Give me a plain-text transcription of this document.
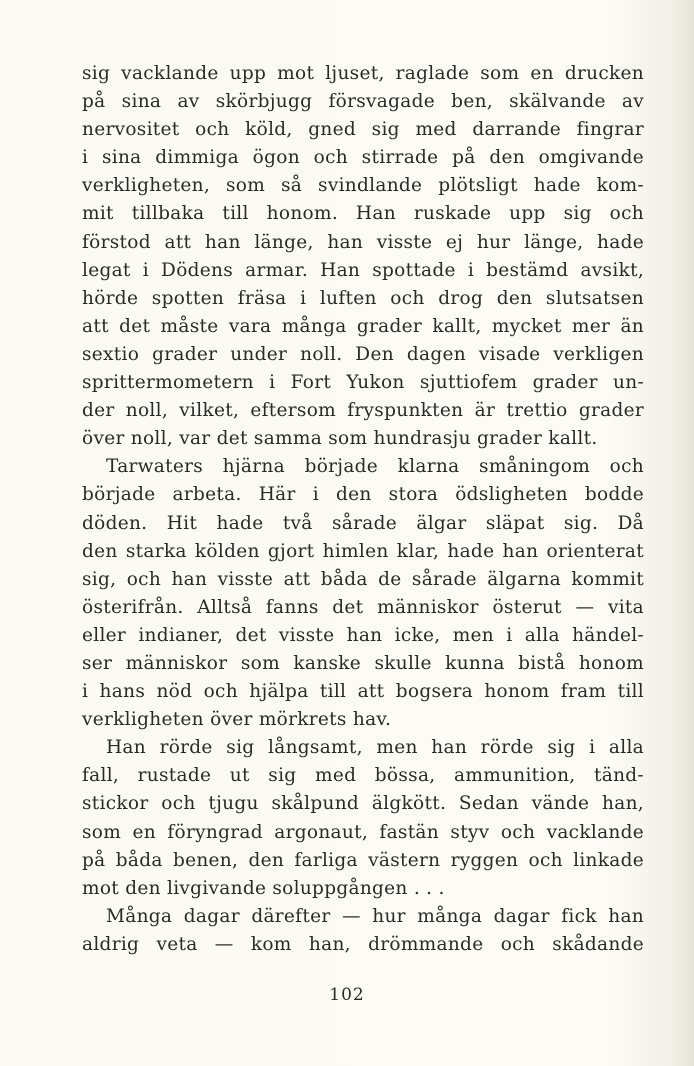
sig vacklande upp mot ljuset, raglade som en drucken
på sina av skörbjugg försvagade ben, skälvande av
nervositet och köld, gned sig med darrande fingrar
i sina dimmiga ögon och stirrade på den omgivande
verkligheten, som så svindlande plötsligt hade kom-
mit tillbaka till honom. Han ruskade upp sig och
förstod att han länge, han visste ej hur länge, hade
legat i Dödens armar. Han spottade i bestämd avsikt,
hörde spotten fräsa i luften och drog den slutsatsen
att det måste vara många grader kallt, mycket mer än
sextio grader under noll. Den dagen visade verkligen
sprittermometern i Fort Yukon sjuttiofem grader un-
der noll, vilket, eftersom fryspunkten är trettio grader
över noll, var det samma som hundrasju grader kallt.
Tarwaters hjärna började klarna småningom och
började arbeta. Här i den stora ödsligheten bodde
döden. Hit hade två sårade älgar släpat sig. Då
den starka kölden gjort himlen klar, hade han orienterat
sig, och han visste att båda de sårade älgarna kommit
österifrån. Alltså fanns det människor österut — vita
eller indianer, det visste han icke, men i alla händel-
ser människor som kanske skulle kunna bistå honom
i hans nöd och hjälpa till att bogsera honom fram till
verkligheten över mörkrets hav.
Han rörde sig långsamt, men han rörde sig i alla
fall, rustade ut sig med bössa, ammunition, tänd-
stickor och tjugu skålpund älgkött. Sedan vände han,
som en föryngrad argonaut, fastän styv och vacklande
på båda benen, den farliga västern ryggen och linkade
mot den livgivande soluppgången . . .
Många dagar därefter — hur många dagar fick han
aldrig veta — kom han, drömmande och skådande
102
